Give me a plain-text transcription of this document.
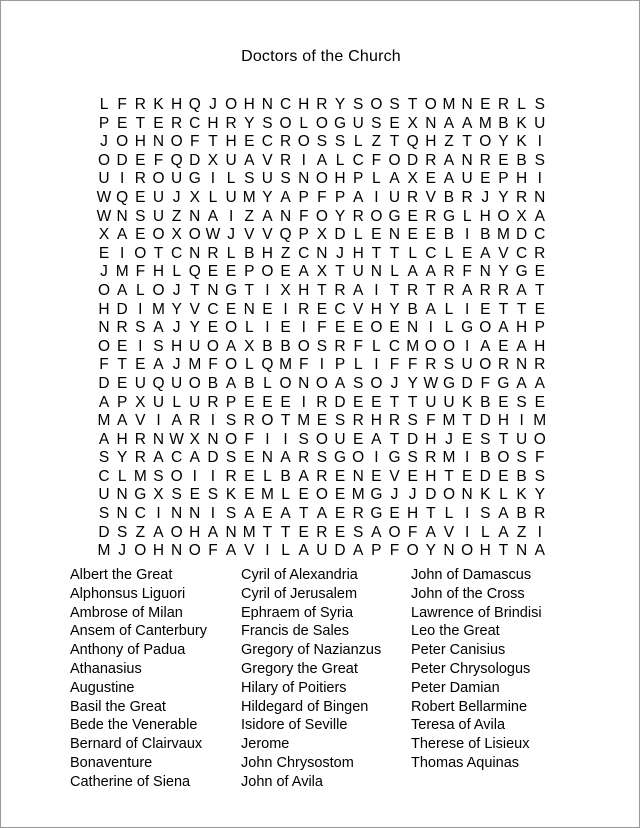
Doctors of the Church
L F R K H Q J O H N C H R Y S O S T O M N E R L S
P E T E R C H R Y S O L O G U S E X N A A M B K U
J O H N O F T H E C R O S S L Z T Q H Z T O Y K I
O D E F Q D X U A V R I A L C F O D R A N R E B S
U I R O U G I L S U S N O H P L A X E A U E P H I
W Q E U J X L U M Y A P F P A I U R V B R J Y R N
W N S U Z N A I Z A N F O Y R O G E R G L H O X A
X A E O X O W J V V Q P X D L E N E E B I B M D C
E I O T C N R L B H Z C N J H T T L C L E A V C R
J M F H L Q E E P O E A X T U N L A A R F N Y G E
O A L O J T N G T I X H T R A I T R T R A R R A T
H D I M Y V C E N E I R E C V H Y B A L I E T T E
N R S A J Y E O L I E I F E E O E N I L G O A H P
O E I S H U O A X B B O S R F L C M O O I A E A H
F T E A J M F O L Q M F I P L I F F R S U O R N R
D E U Q U O B A B L O N O A S O J Y W G D F G A A
A P X U L U R P E E E I R D E E T T U U K B E S E
M A V I A R I S R O T M E S R H R S F M T D H I M
A H R N W X N O F I I S O U E A T D H J E S T U O
S Y R A C A D S E N A R S G O I G S R M I B O S F
C L M S O I I R E L B A R E N E V E H T E D E B S
U N G X S E S K E M L E O E M G J J D O N K L K Y
S N C I N N I S A E A T A E R G E H T L I S A B R
D S Z A O H A N M T T E R E S A O F A V I L A Z I
M J O H N O F A V I L A U D A P F O Y N O H T N A
Albert the Great
Alphonsus Liguori
Ambrose of Milan
Ansem of Canterbury
Anthony of Padua
Athanasius
Augustine
Basil the Great
Bede the Venerable
Bernard of Clairvaux
Bonaventure
Catherine of Siena
Cyril of Alexandria
Cyril of Jerusalem
Ephraem of Syria
Francis de Sales
Gregory of Nazianzus
Gregory the Great
Hilary of Poitiers
Hildegard of Bingen
Isidore of Seville
Jerome
John Chrysostom
John of Avila
John of Damascus
John of the Cross
Lawrence of Brindisi
Leo the Great
Peter Canisius
Peter Chrysologus
Peter Damian
Robert Bellarmine
Teresa of Avila
Therese of Lisieux
Thomas Aquinas
